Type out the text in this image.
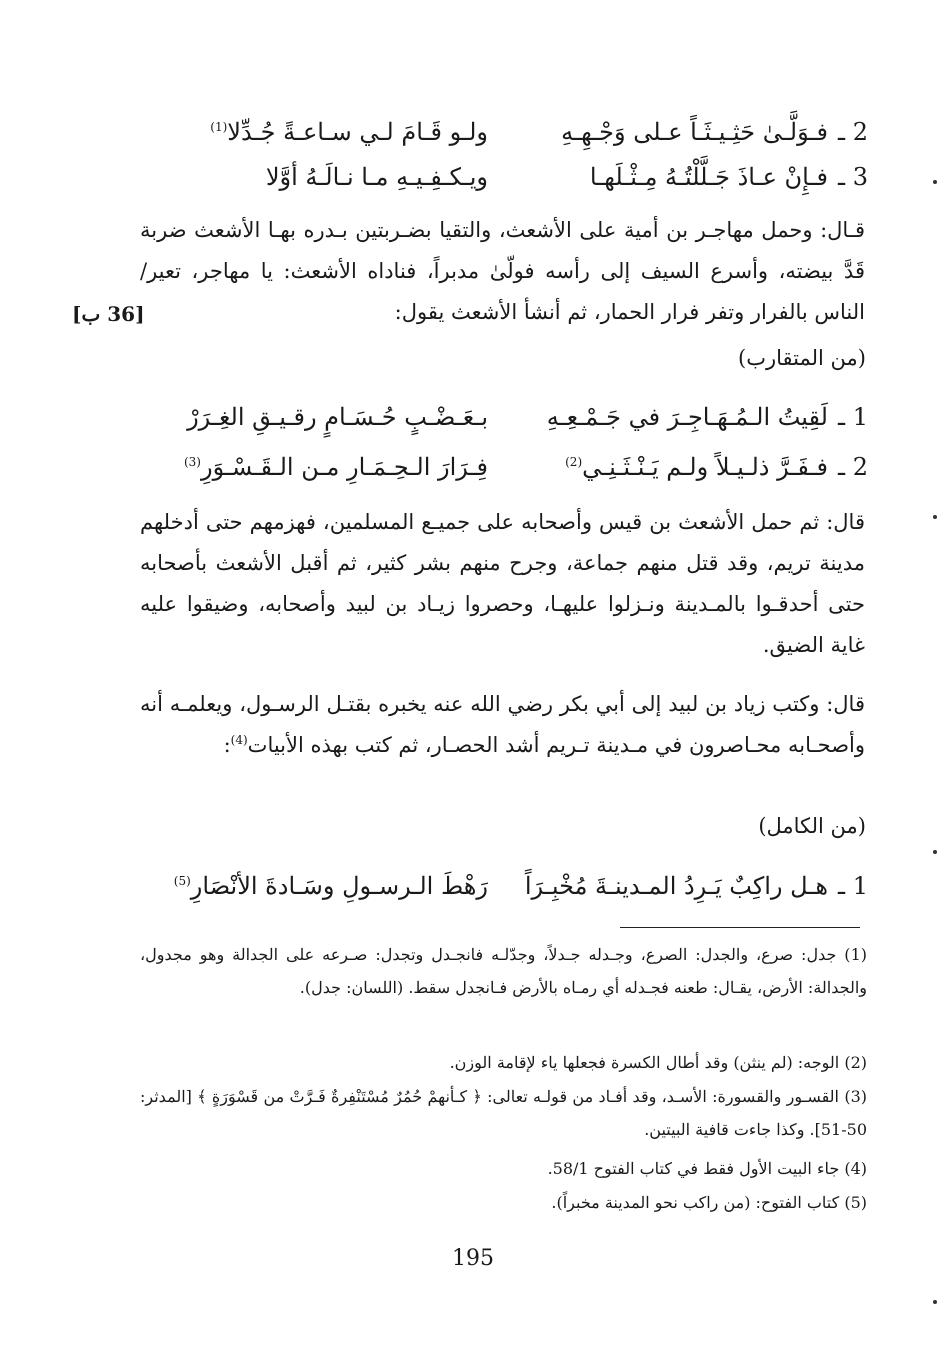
2 ـ
فـوَلَّـىٰ حَثِـيـثَـاً عـلى وَجْـهِـهِ
ولـو قَـامَ لـي سـاعـةً جُـدِّلا$^{(1)}$
3 ـ
فـإِنْ عـاذَ جَـلَّلْتُـهُ مِـثْـلَهـا
ويـكـفِـيـهِ مـا نـالَـهُ أوَّلا
قـال: وحمل مهاجـر بن أمية على الأشعث، والتقيا بضـربتين بـدره بهـا الأشعث ضربة قَدَّ بيضته، وأسرع السيف إلى رأسه فولّىٰ مدبراً، فناداه الأشعث: يا مهاجر، تعير/ الناس بالفرار وتفر فرار الحمار، ثم أنشأ الأشعث يقول:
[36 ب]
(من المتقارب)
1 ـ
لَقِيتُ الـمُـهَـاجِـرَ في جَـمْـعِـهِ
بـعَـضْـبٍ حُـسَـامٍ رقـيـقِ الغِـرَرْ
2 ـ
فـفَـرَّ ذلـيـلاً ولـم يَـنْـثَـنِـي$^{(2)}$
فِـرَارَ الـحِـمَـارِ مـن الـقَـسْـوَرِ$^{(3)}$
قال: ثم حمل الأشعث بن قيس وأصحابه على جميـع المسلمين، فهزمهم حتى أدخلهم مدينة تريم، وقد قتل منهم جماعة، وجرح منهم بشر كثير، ثم أقبل الأشعث بأصحابه حتى أحدقـوا بالمـدينة ونـزلوا عليهـا، وحصروا زيـاد بن لبيد وأصحابه، وضيقوا عليه غاية الضيق.
قال: وكتب زياد بن لبيد إلى أبي بكر رضي الله عنه يخبره بقتـل الرسـول، ويعلمـه أنه وأصحـابه محـاصرون في مـدينة تـريم أشد الحصـار، ثم كتب بهذه الأبيات$^{(4)}$:
(من الكامل)
1 ـ
هـل راكِبٌ يَـرِدُ المـدينـةَ مُخْبِـرَاً
رَهْطَ الـرسـولِ وسَـادةَ الأنْصَارِ$^{(5)}$
(1) جدل: صرع، والجدل: الصرع، وجـدله جـدلاً، وجدّلـه فانجـدل وتجدل: صـرعه على الجدالة وهو مجدول، والجدالة: الأرض، يقـال: طعنه فجـدله أي رمـاه بالأرض فـانجدل سقط. (اللسان: جدل).
(2) الوجه: (لم ينثن) وقد أطال الكسرة فجعلها ياء لإقامة الوزن.
(3) القسـور والقسورة: الأسـد، وقد أفـاد من قولـه تعالى: ﴿ كـأنهمْ حُمُرٌ مُسْتَنْفِرةٌ فَـرَّتْ من قَسْوَرَةٍ ﴾ [المدثر: 50-51]. وكذا جاءت قافية البيتين.
(4) جاء البيت الأول فقط في كتاب الفتوح 58/1.
(5) كتاب الفتوح: (من راكب نحو المدينة مخبراً).
195
